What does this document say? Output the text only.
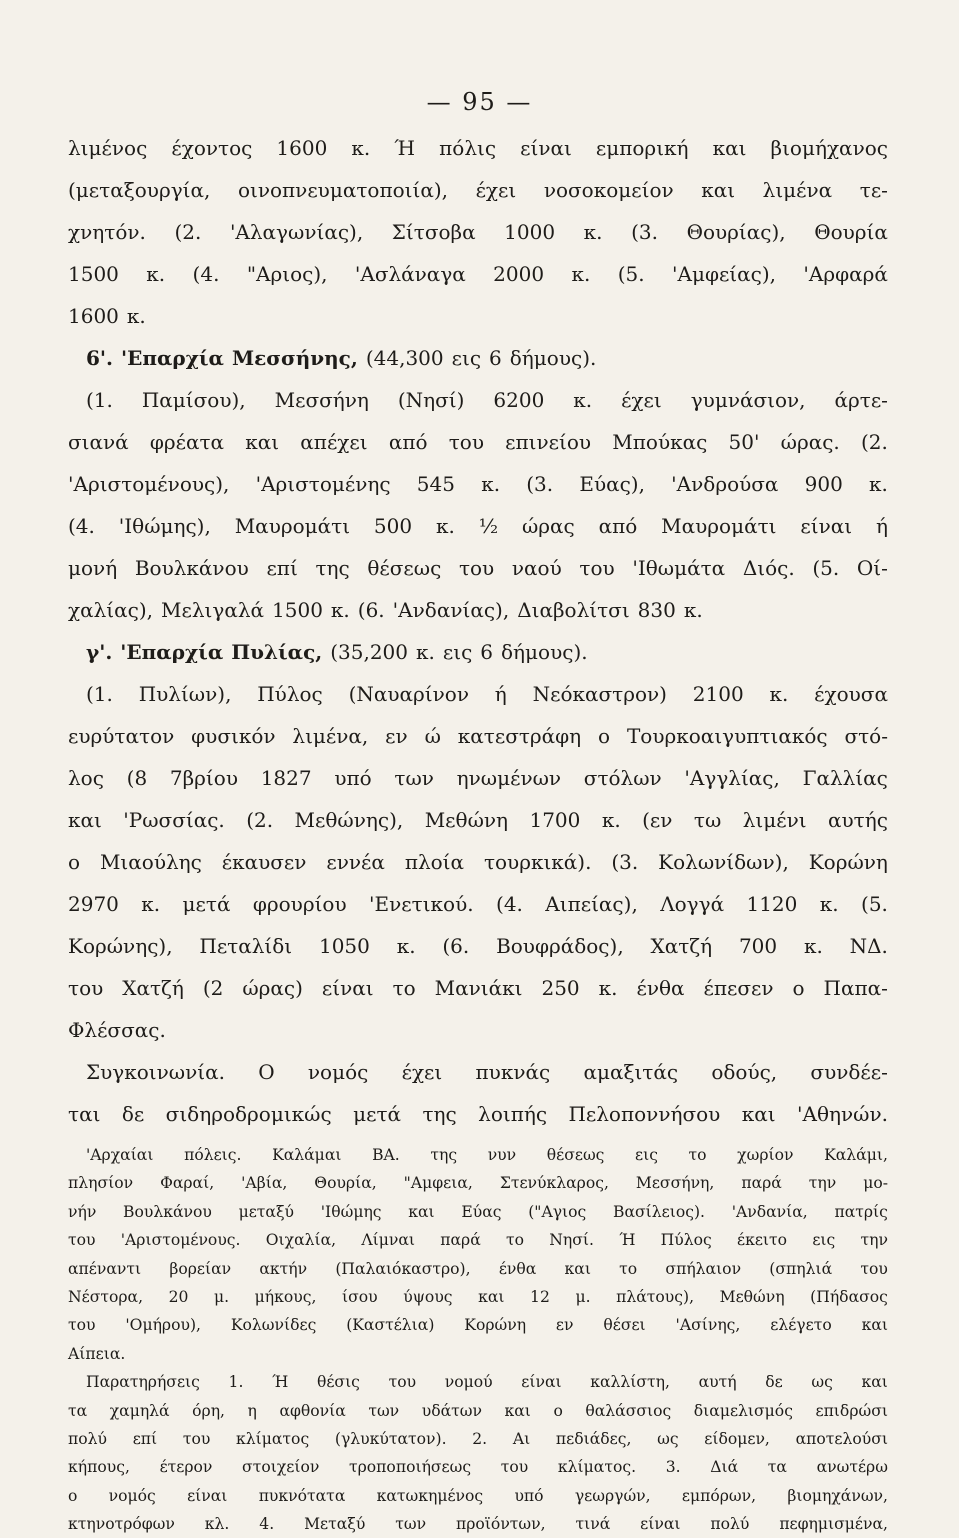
— 95 —
λιμένος έχοντος 1600 κ. Ή πόλις είναι εμπορική και βιομήχανος
(μεταξουργία, οινοπνευματοποιία), έχει νοσοκομείον και λιμένα τε-
χνητόν. (2. 'Αλαγωνίας), Σίτσοβα 1000 κ. (3. Θουρίας), Θουρία
1500 κ. (4. "Αριος), 'Ασλάναγα 2000 κ. (5. 'Αμφείας), 'Αρφαρά
1600 κ.
6'. 'Επαρχία Μεσσήνης, (44,300 εις 6 δήμους).
(1. Παμίσου), Μεσσήνη (Νησί) 6200 κ. έχει γυμνάσιον, άρτε-
σιανά φρέατα και απέχει από του επινείου Μπούκας 50' ώρας. (2.
'Αριστομένους), 'Αριστομένης 545 κ. (3. Εύας), 'Ανδρούσα 900 κ.
(4. 'Ιθώμης), Μαυρομάτι 500 κ. ½ ώρας από Μαυρομάτι είναι ή
μονή Βουλκάνου επί της θέσεως του ναού του 'Ιθωμάτα Διός. (5. Οί-
χαλίας), Μελιγαλά 1500 κ. (6. 'Ανδανίας), Διαβολίτσι 830 κ.
γ'. 'Επαρχία Πυλίας, (35,200 κ. εις 6 δήμους).
(1. Πυλίων), Πύλος (Ναυαρίνον ή Νεόκαστρον) 2100 κ. έχουσα
ευρύτατον φυσικόν λιμένα, εν ώ κατεστράφη ο Τουρκοαιγυπτιακός στό-
λος (8 7βρίου 1827 υπό των ηνωμένων στόλων 'Αγγλίας, Γαλλίας
και 'Ρωσσίας. (2. Μεθώνης), Μεθώνη 1700 κ. (εν τω λιμένι αυτής
ο Μιαούλης έκαυσεν εννέα πλοία τουρκικά). (3. Κολωνίδων), Κορώνη
2970 κ. μετά φρουρίου 'Ενετικού. (4. Αιπείας), Λογγά 1120 κ. (5.
Κορώνης), Πεταλίδι 1050 κ. (6. Βουφράδος), Χατζή 700 κ. ΝΔ.
του Χατζή (2 ώρας) είναι το Μανιάκι 250 κ. ένθα έπεσεν ο Παπα-
Φλέσσας.
Συγκοινωνία. Ο νομός έχει πυκνάς αμαξιτάς οδούς, συνδέε-
ται δε σιδηροδρομικώς μετά της λοιπής Πελοποννήσου και 'Αθηνών.
'Αρχαίαι πόλεις. Καλάμαι ΒΑ. της νυν θέσεως εις το χωρίον Καλάμι,
πλησίον Φαραί, 'Αβία, Θουρία, "Αμφεια, Στενύκλαρος, Μεσσήνη, παρά την μο-
νήν Βουλκάνου μεταξύ 'Ιθώμης και Εύας ("Αγιος Βασίλειος). 'Ανδανία, πατρίς
του 'Αριστομένους. Οιχαλία, Λίμναι παρά το Νησί. Ή Πύλος έκειτο εις την
απέναντι βορείαν ακτήν (Παλαιόκαστρο), ένθα και το σπήλαιον (σπηλιά του
Νέστορα, 20 μ. μήκους, ίσου ύψους και 12 μ. πλάτους), Μεθώνη (Πήδασος
του 'Ομήρου), Κολωνίδες (Καστέλια) Κορώνη εν θέσει 'Ασίνης, ελέγετο και
Αίπεια.
Παρατηρήσεις 1. Ή θέσις του νομού είναι καλλίστη, αυτή δε ως και
τα χαμηλά όρη, η αφθονία των υδάτων και ο θαλάσσιος διαμελισμός επιδρώσι
πολύ επί του κλίματος (γλυκύτατον). 2. Αι πεδιάδες, ως είδομεν, αποτελούσι
κήπους, έτερον στοιχείον τροποποιήσεως του κλίματος. 3. Διά τα ανωτέρω
ο νομός είναι πυκνότατα κατωκημένος υπό γεωργών, εμπόρων, βιομηχάνων,
κτηνοτρόφων κλ. 4. Μεταξύ των προϊόντων, τινά είναι πολύ πεφημισμένα,
